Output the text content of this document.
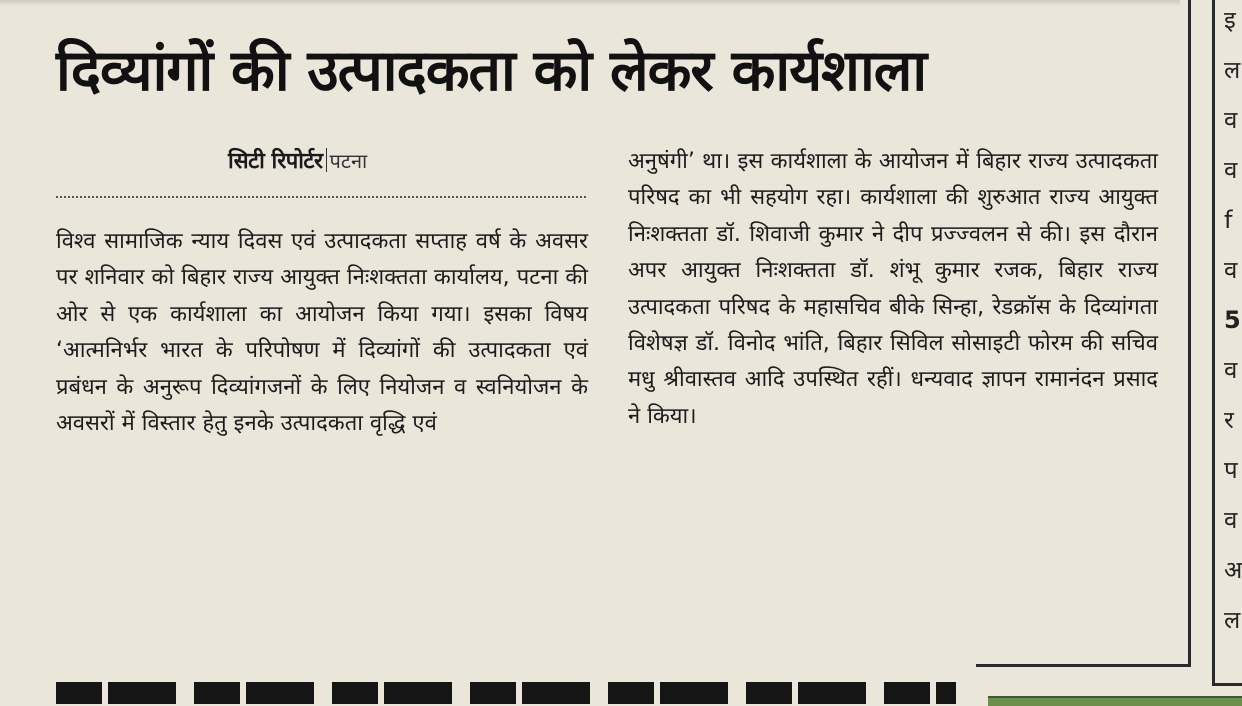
दिव्यांगों की उत्पादकता को लेकर कार्यशाला
सिटी रिपोर्टर पटना

विश्व सामाजिक न्याय दिवस एवं उत्पादकता सप्ताह वर्ष के अवसर पर शनिवार को बिहार राज्य आयुक्त निःशक्तता कार्यालय, पटना की ओर से एक कार्यशाला का आयोजन किया गया। इसका विषय ‘आत्मनिर्भर भारत के परिपोषण में दिव्यांगों की उत्पादकता एवं प्रबंधन के अनुरूप दिव्यांगजनों के लिए नियोजन व स्वनियोजन के अवसरों में विस्तार हेतु इनके उत्पादकता वृद्धि एवं

अनुषंगी’ था। इस कार्यशाला के आयोजन में बिहार राज्य उत्पादकता परिषद का भी सहयोग रहा। कार्यशाला की शुरुआत राज्य आयुक्त निःशक्तता डॉ. शिवाजी कुमार ने दीप प्रज्ज्वलन से की। इस दौरान अपर आयुक्त निःशक्तता डॉ. शंभू कुमार रजक, बिहार राज्य उत्पादकता परिषद के महासचिव बीके सिन्हा, रेडक्रॉस के दिव्यांगता विशेषज्ञ डॉ. विनोद भांति, बिहार सिविल सोसाइटी फोरम की सचिव मधु श्रीवास्तव आदि उपस्थित रहीं। धन्यवाद ज्ञापन रामानंदन प्रसाद ने किया।

इ
ल
व
व
f
व
5
व
र
प
व
अ
ल
